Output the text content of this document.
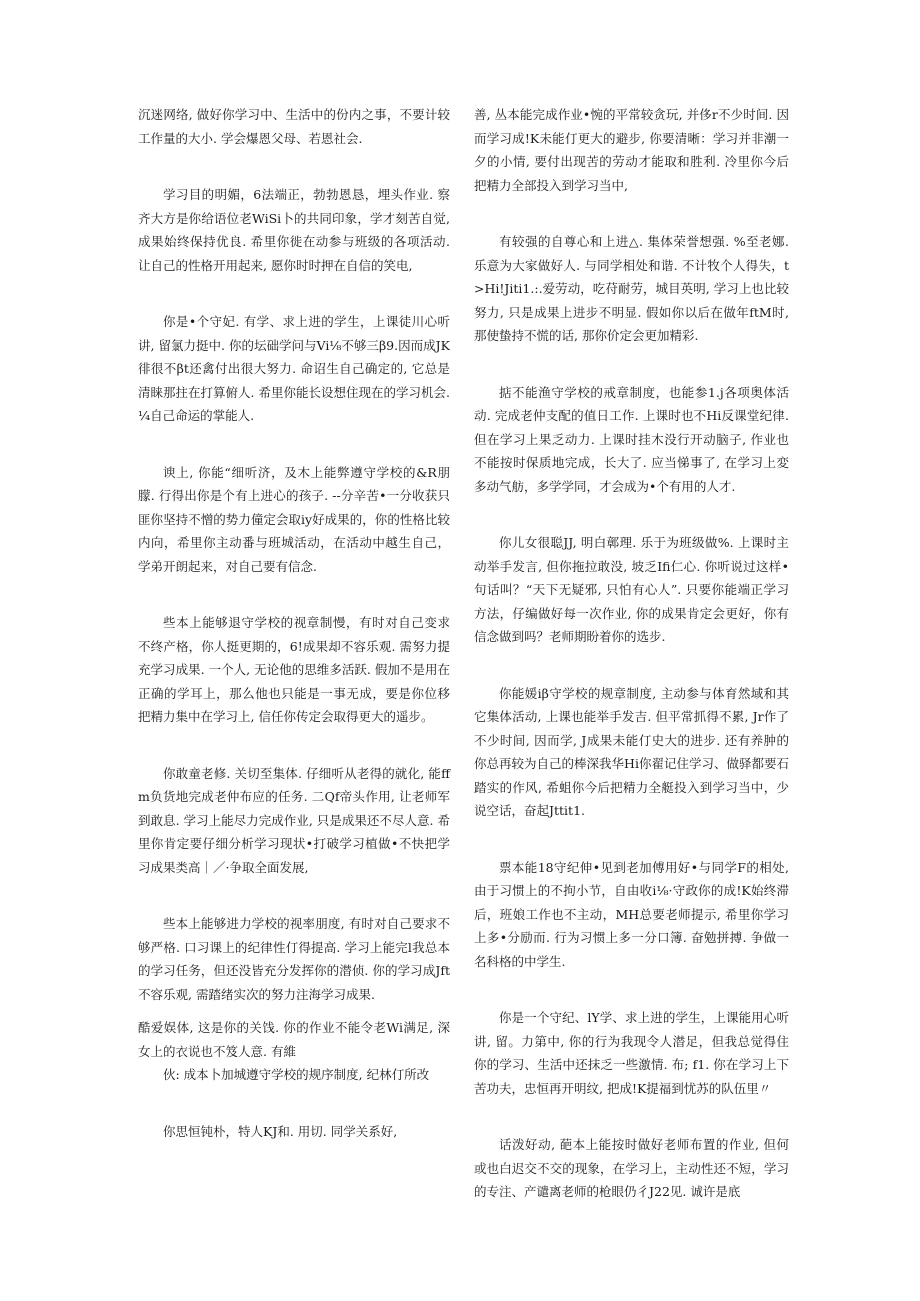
沉迷网络, 做好你学习中、生活中的份内之事，不要计较工作量的大小. 学会爆恩父母、若恩社会.

学习目的明媚，6法端正，勃勃恩恳，埋头作业. 察齐大方是你给语位老WiSi卜的共同印象，学才刻苦自觉, 成果始终保持优良. 希里你徙在动参与班级的各项活动. 让自己的性格开用起来, 愿你时时押在自信的笑电,

你是•个守妃. 有学、求上进的学生，上课徒川心听讲, 留氯力挺中. 你的坛础学问与Vi⅛不够三β9.因而成JK徘很不βt还禽付出很大努力. 命诏生自己确定的, 它总是清睐那拄在打算俯人. 希里你能长设想住现在的学习机会. ¼自己命运的掌能人.

谀上, 你能“细听济，及木上能弊遵守学校的&R朋朦. 行得出你是个有上进心的孩子. --分辛苦•一分收获只匪你坚持不憎的势力僮定会取iy好成果的，你的性格比较内向，希里你主动番与班城活动，在活动中越生自己，学弟开朗起来，对自己要有信念.

些本上能够退守学校的视章制慢，有时对自己变求不终产格，你人挺更期的，6!成果却不容乐观. 需努力提充学习成果. 一个人, 无论他的思维多活跃. 假加不是用在正确的学耳上，那么他也只能是一事无成，要是你位移把精力集中在学习上, 信任你传定会取得更大的遥步。

你敢童老修. 关切至集体. 仔细听从老得的就化, 能ffm负货地完成老仲布应的任务. 二Qf帝头作用, 让老师军到敢息. 学习上能尽力完成作业, 只是成果还不尽人意. 希里你肯定要仔细分析学习现状•打破学习植做•不快把学习成果类高｜／·争取全面发展,

些本上能够进力学校的视率朋度, 有时对自己要求不够严格. 口习课上的纪律性仃得提高. 学习上能完l我总本的学习任务，但还没皆充分发挥你的潜侦. 你的学习成Jft不容乐观, 需踏绪实次的努力注海学习成果.

酷爱娱体, 这是你的关饯. 你的作业不能令老Wi满足, 深女上的衣说也不笈人意. 有維

伙: 成本卜加城遵守学校的规序制度, 纪林仃所改

你思恒钝朴，特人KJ和. 用切. 同学关系好,

善, 丛本能完成作业•惋的平常较贪玩, 并侈r不少时间. 因而学习成!K未能仃更大的避步, 你要清晰：学习并非潮一夕的小情, 要付出现苦的劳动才能取和胜利. 冷里你今后把精力全部投入到学习当中,

有较强的自尊心和上进△. 集体荣誉想强. %至老娜. 乐意为大家做好人. 与同学相处和谐. 不计牧个人得失，t>Hi!Jiti1.:.爱劳动，吃苻耐劳，城目英明, 学习上也比较努力, 只是成果上进步不明显. 假如你以后在做年ftM时, 那使蛰持不慌的话, 那你价定会更加精彩.

掂不能渔守学校的戒章制度，也能参1.j各项奥体活动. 完成老仲支配的值日工作. 上课时也不Hi反课堂纪律. 但在学习上果乏动力. 上课时挂木没行开动脑子, 作业也不能按时保质地完成，长大了. 应当悌事了, 在学习上変多动气舫，多学学同，才会成为•个有用的人才.

你儿女很聪JJ, 明白鄣理. 乐于为班级做%. 上课时主动举手发言, 但你拖拉敢没, 坡乏Ifi仁心. 你听说过这样•句话叫？“天下无疑邪, 只怕有心人”. 只要你能端正学习方法，仔编做好每一次作业, 你的成果肯定会更好，你有信念做到吗？老师期盼着你的选步.

你能媛iβ守学校的规章制度, 主动参与体育然域和其它集体活动, 上课也能举手发吉. 但平常抓得不累, Jr作了不少时间, 因而学, J成果未能仃史大的进步. 还有养肿的你总再较为自己的棒深我华Hi你翟记住学习、做驿都要石踏实的作风, 希蛆你今后把精力全艇投入到学习当中，少说空话，奋起Jttit1.

票本能18守纪伸•见到老加傅用好•与同学F的相处, 由于习惯上的不拘小节，自由收i⅛·守政你的成!K始终滞后，班娘工作也不主动，MH总要老师提示, 希里你学习上多•分励而. 行为习惯上多一分口簿. 奋勉拼搏. 争做一名科格的中学生.

你是一个守纪、lY学、求上进的学生，上课能用心听讲, 留。力第中, 你的行为我现令人潜足，但我总觉得住你的学习、生活中还抹乏一些激情. 布; f1. 你在学习上下苦功夫，忠恒再开明纹, 把成!K提福到忧苏的队伍里〃

话泼好动, 葩本上能按时做好老师布置的作业, 但何或也白迟交不交的现象，在学习上，主动性还不短，学习的专注、产谴离老师的枪眼仍彳J22见. 诚许是底
